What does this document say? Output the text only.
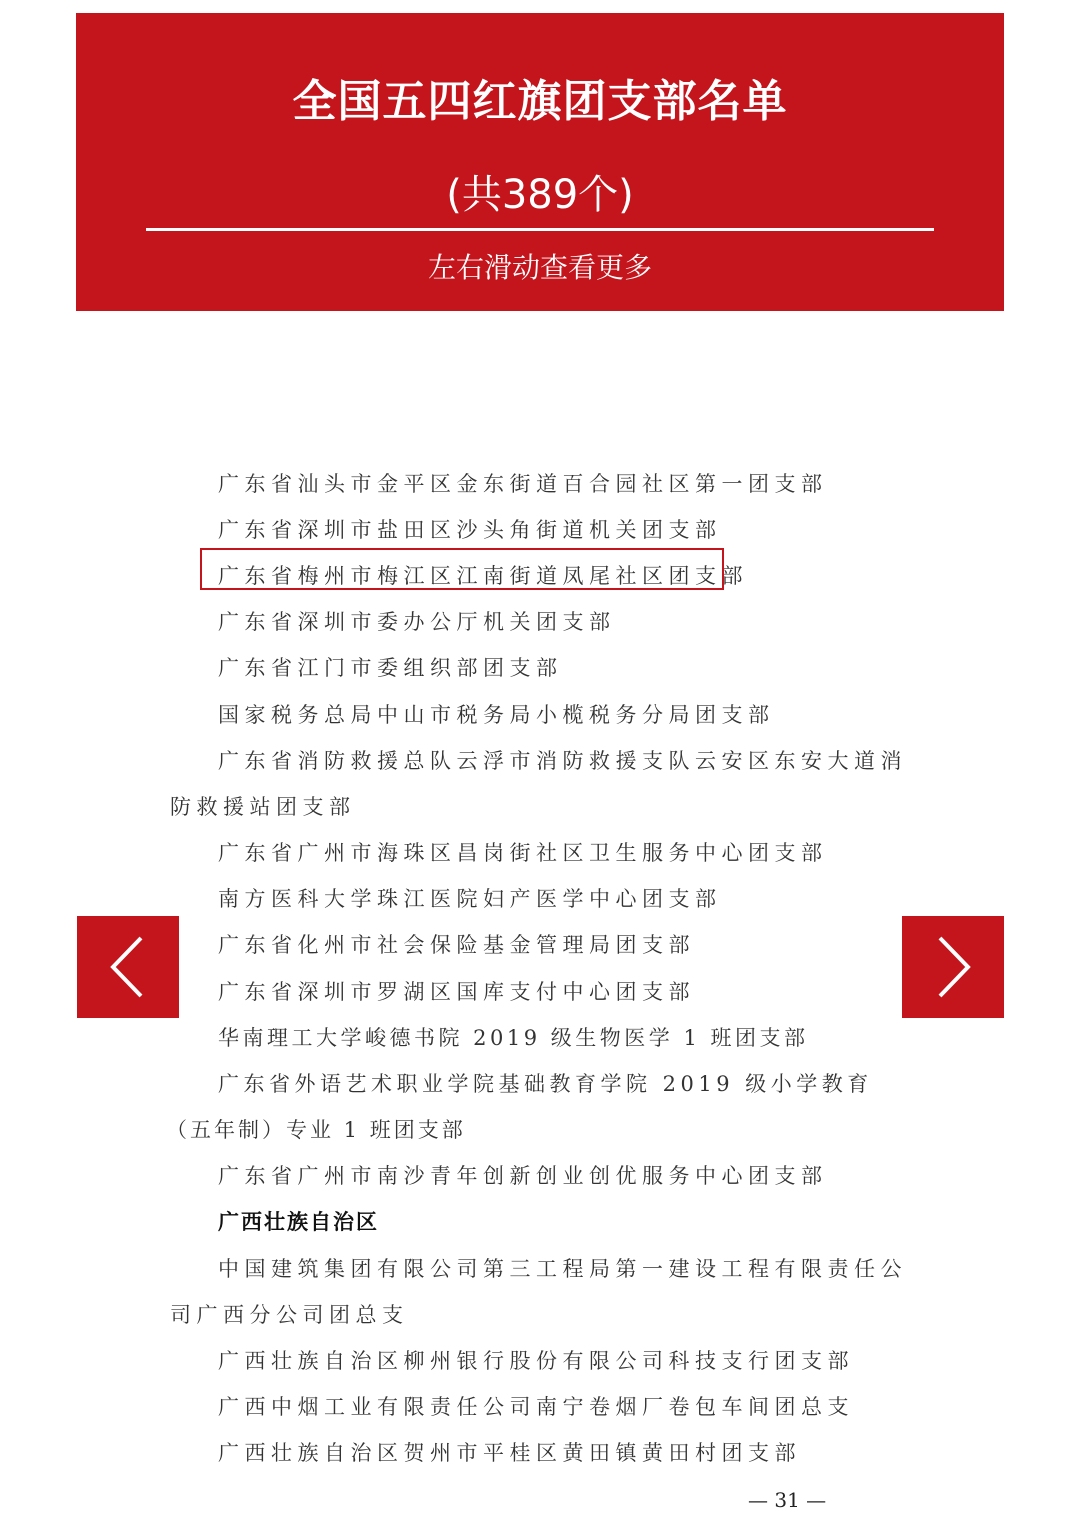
全国五四红旗团支部名单
(共389个)
左右滑动查看更多
广东省汕头市金平区金东街道百合园社区第一团支部
广东省深圳市盐田区沙头角街道机关团支部
广东省梅州市梅江区江南街道凤尾社区团支部
广东省深圳市委办公厅机关团支部
广东省江门市委组织部团支部
国家税务总局中山市税务局小榄税务分局团支部
广东省消防救援总队云浮市消防救援支队云安区东安大道消
防救援站团支部
广东省广州市海珠区昌岗街社区卫生服务中心团支部
南方医科大学珠江医院妇产医学中心团支部
广东省化州市社会保险基金管理局团支部
广东省深圳市罗湖区国库支付中心团支部
华南理工大学峻德书院 2019 级生物医学 1 班团支部
广东省外语艺术职业学院基础教育学院 2019 级小学教育
（五年制）专业 1 班团支部
广东省广州市南沙青年创新创业创优服务中心团支部
广西壮族自治区
中国建筑集团有限公司第三工程局第一建设工程有限责任公
司广西分公司团总支
广西壮族自治区柳州银行股份有限公司科技支行团支部
广西中烟工业有限责任公司南宁卷烟厂卷包车间团总支
广西壮族自治区贺州市平桂区黄田镇黄田村团支部
— 31 —
